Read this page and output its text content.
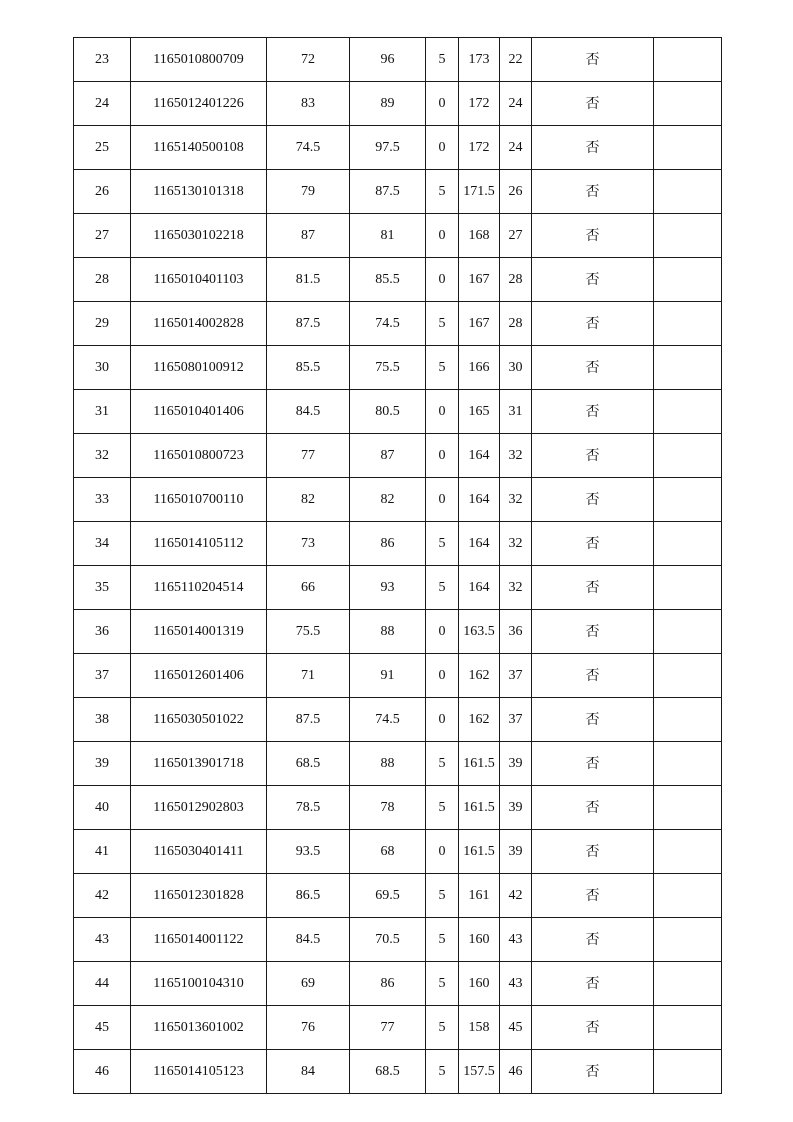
23	1165010800709	72	96	5	173	22	否	
24	1165012401226	83	89	0	172	24	否	
25	1165140500108	74.5	97.5	0	172	24	否	
26	1165130101318	79	87.5	5	171.5	26	否	
27	1165030102218	87	81	0	168	27	否	
28	1165010401103	81.5	85.5	0	167	28	否	
29	1165014002828	87.5	74.5	5	167	28	否	
30	1165080100912	85.5	75.5	5	166	30	否	
31	1165010401406	84.5	80.5	0	165	31	否	
32	1165010800723	77	87	0	164	32	否	
33	1165010700110	82	82	0	164	32	否	
34	1165014105112	73	86	5	164	32	否	
35	1165110204514	66	93	5	164	32	否	
36	1165014001319	75.5	88	0	163.5	36	否	
37	1165012601406	71	91	0	162	37	否	
38	1165030501022	87.5	74.5	0	162	37	否	
39	1165013901718	68.5	88	5	161.5	39	否	
40	1165012902803	78.5	78	5	161.5	39	否	
41	1165030401411	93.5	68	0	161.5	39	否	
42	1165012301828	86.5	69.5	5	161	42	否	
43	1165014001122	84.5	70.5	5	160	43	否	
44	1165100104310	69	86	5	160	43	否	
45	1165013601002	76	77	5	158	45	否	
46	1165014105123	84	68.5	5	157.5	46	否	
